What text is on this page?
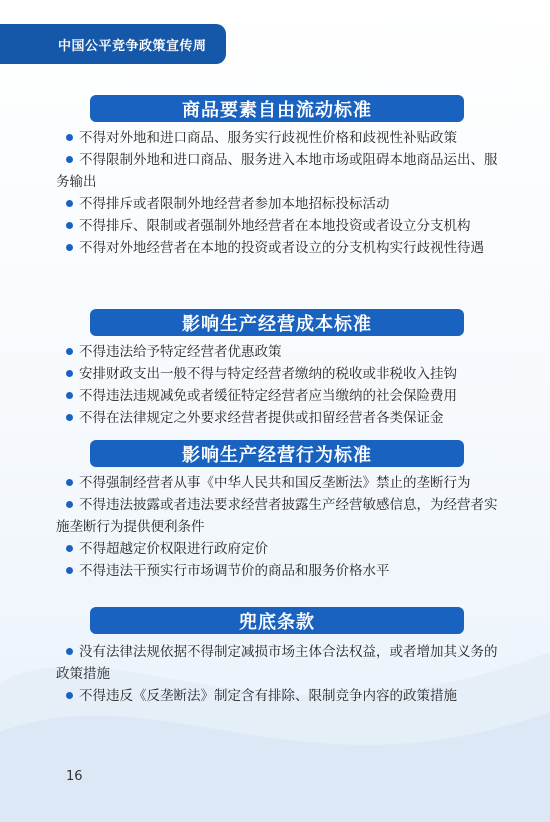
中国公平竞争政策宣传周
商品要素自由流动标准
不得对外地和进口商品、服务实行歧视性价格和歧视性补贴政策
不得限制外地和进口商品、服务进入本地市场或阻碍本地商品运出、服务输出
不得排斥或者限制外地经营者参加本地招标投标活动
不得排斥、限制或者强制外地经营者在本地投资或者设立分支机构
不得对外地经营者在本地的投资或者设立的分支机构实行歧视性待遇
影响生产经营成本标准
不得违法给予特定经营者优惠政策
安排财政支出一般不得与特定经营者缴纳的税收或非税收入挂钩
不得违法违规减免或者缓征特定经营者应当缴纳的社会保险费用
不得在法律规定之外要求经营者提供或扣留经营者各类保证金
影响生产经营行为标准
不得强制经营者从事《中华人民共和国反垄断法》禁止的垄断行为
不得违法披露或者违法要求经营者披露生产经营敏感信息，为经营者实施垄断行为提供便利条件
不得超越定价权限进行政府定价
不得违法干预实行市场调节价的商品和服务价格水平
兜底条款
没有法律法规依据不得制定减损市场主体合法权益，或者增加其义务的政策措施
不得违反《反垄断法》制定含有排除、限制竞争内容的政策措施
16
